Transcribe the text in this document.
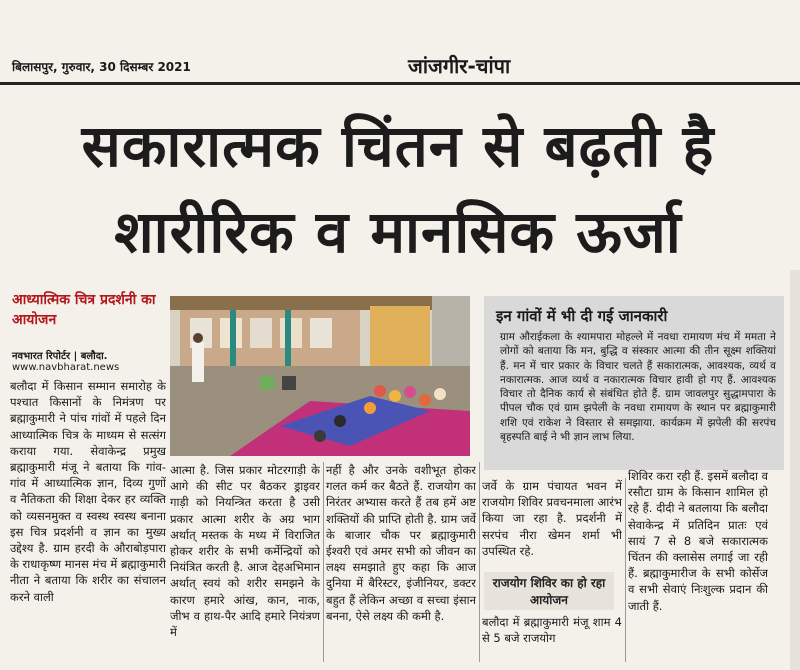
बिलासपुर, गुरुवार, 30 दिसम्बर 2021	जांजगीर-चांपा
सकारात्मक चिंतन से बढ़ती है
शारीरिक व मानसिक ऊर्जा
आध्यात्मिक चित्र प्रदर्शनी का आयोजन
नवभारत रिपोर्टर | बलौदा.
www.navbharat.news
बलौदा में किसान सम्मान समारोह के पश्चात किसानों के निमंत्रण पर ब्रह्माकुमारी ने पांच गांवों में पहले दिन आध्यात्मिक चित्र के माध्यम से सत्संग कराया गया. सेवाकेन्द्र प्रमुख ब्रह्माकुमारी मंजू ने बताया कि गांव-गांव में आध्यात्मिक ज्ञान, दिव्य गुणों व नैतिकता की शिक्षा देकर हर व्यक्ति को व्यसनमुक्त व स्वस्थ स्वस्थ बनाना इस चित्र प्रदर्शनी व ज्ञान का मुख्य उद्देश्य है. ग्राम हरदी के औराबोड़पारा के राधाकृष्ण मानस मंच में ब्रह्माकुमारी नीता ने बताया कि शरीर का संचालन करने वाली
आत्मा है. जिस प्रकार मोटरगाड़ी के आगे की सीट पर बैठकर ड्राइवर गाड़ी को नियन्त्रित करता है उसी प्रकार आत्मा शरीर के अग्र भाग अर्थात् मस्तक के मध्य में विराजित होकर शरीर के सभी कर्मेन्द्रियों को नियंत्रित करती है. आज देहअभिमान अर्थात् स्वयं को शरीर समझने के कारण हमारे आंख, कान, नाक, जीभ व हाथ-पैर आदि हमारे नियंत्रण में
नहीं है और उनके वशीभूत होकर गलत कर्म कर बैठते हैं. राजयोग का निरंतर अभ्यास करते हैं तब हमें अष्ट शक्तियों की प्राप्ति होती है. ग्राम जर्वे के बाजार चौक पर ब्रह्माकुमारी ईश्वरी एवं अमर सभी को जीवन का लक्ष्य समझाते हुए कहा कि आज दुनिया में बैरिस्टर, इंजीनियर, डक्टर बहुत हैं लेकिन अच्छा व सच्चा इंसान बनना, ऐसे लक्ष्य की कमी है.
इन गांवों में भी दी गई जानकारी
ग्राम औराईकला के श्यामपारा मोहल्ले में नवधा रामायण मंच में ममता ने लोगों को बताया कि मन, बुद्धि व संस्कार आत्मा की तीन सूक्ष्म शक्तियां हैं. मन में चार प्रकार के विचार चलते हैं सकारात्मक, आवश्यक, व्यर्थ व नकारात्मक. आज व्यर्थ व नकारात्मक विचार हावी हो गए हैं. आवश्यक विचार तो दैनिक कार्य से संबंधित होते हैं. ग्राम जावलपुर सुद्धामपारा के पीपल चौक एवं ग्राम झपेली के नवधा रामायण के स्थान पर ब्रह्माकुमारी शशि एवं राकेश ने विस्तार से समझाया. कार्यक्रम में झपेली की सरपंच बृहस्पति बाई ने भी ज्ञान लाभ लिया.
जर्वे के ग्राम पंचायत भवन में राजयोग शिविर प्रवचनमाला आरंभ किया जा रहा है. प्रदर्शनी में सरपंच नीरा खेमन शर्मा भी उपस्थित रहे.
राजयोग शिविर का हो रहा आयोजन
बलौदा में ब्रह्माकुमारी मंजू शाम 4 से 5 बजे राजयोग
शिविर करा रही हैं. इसमें बलौदा व रसौटा ग्राम के किसान शामिल हो रहे हैं. दीदी ने बतलाया कि बलौदा सेवाकेन्द्र में प्रतिदिन प्रातः एवं सायं 7 से 8 बजे सकारात्मक चिंतन की क्लासेस लगाई जा रही हैं. ब्रह्माकुमारीज के सभी कोर्सेज व सभी सेवाएं निःशुल्क प्रदान की जाती हैं.
